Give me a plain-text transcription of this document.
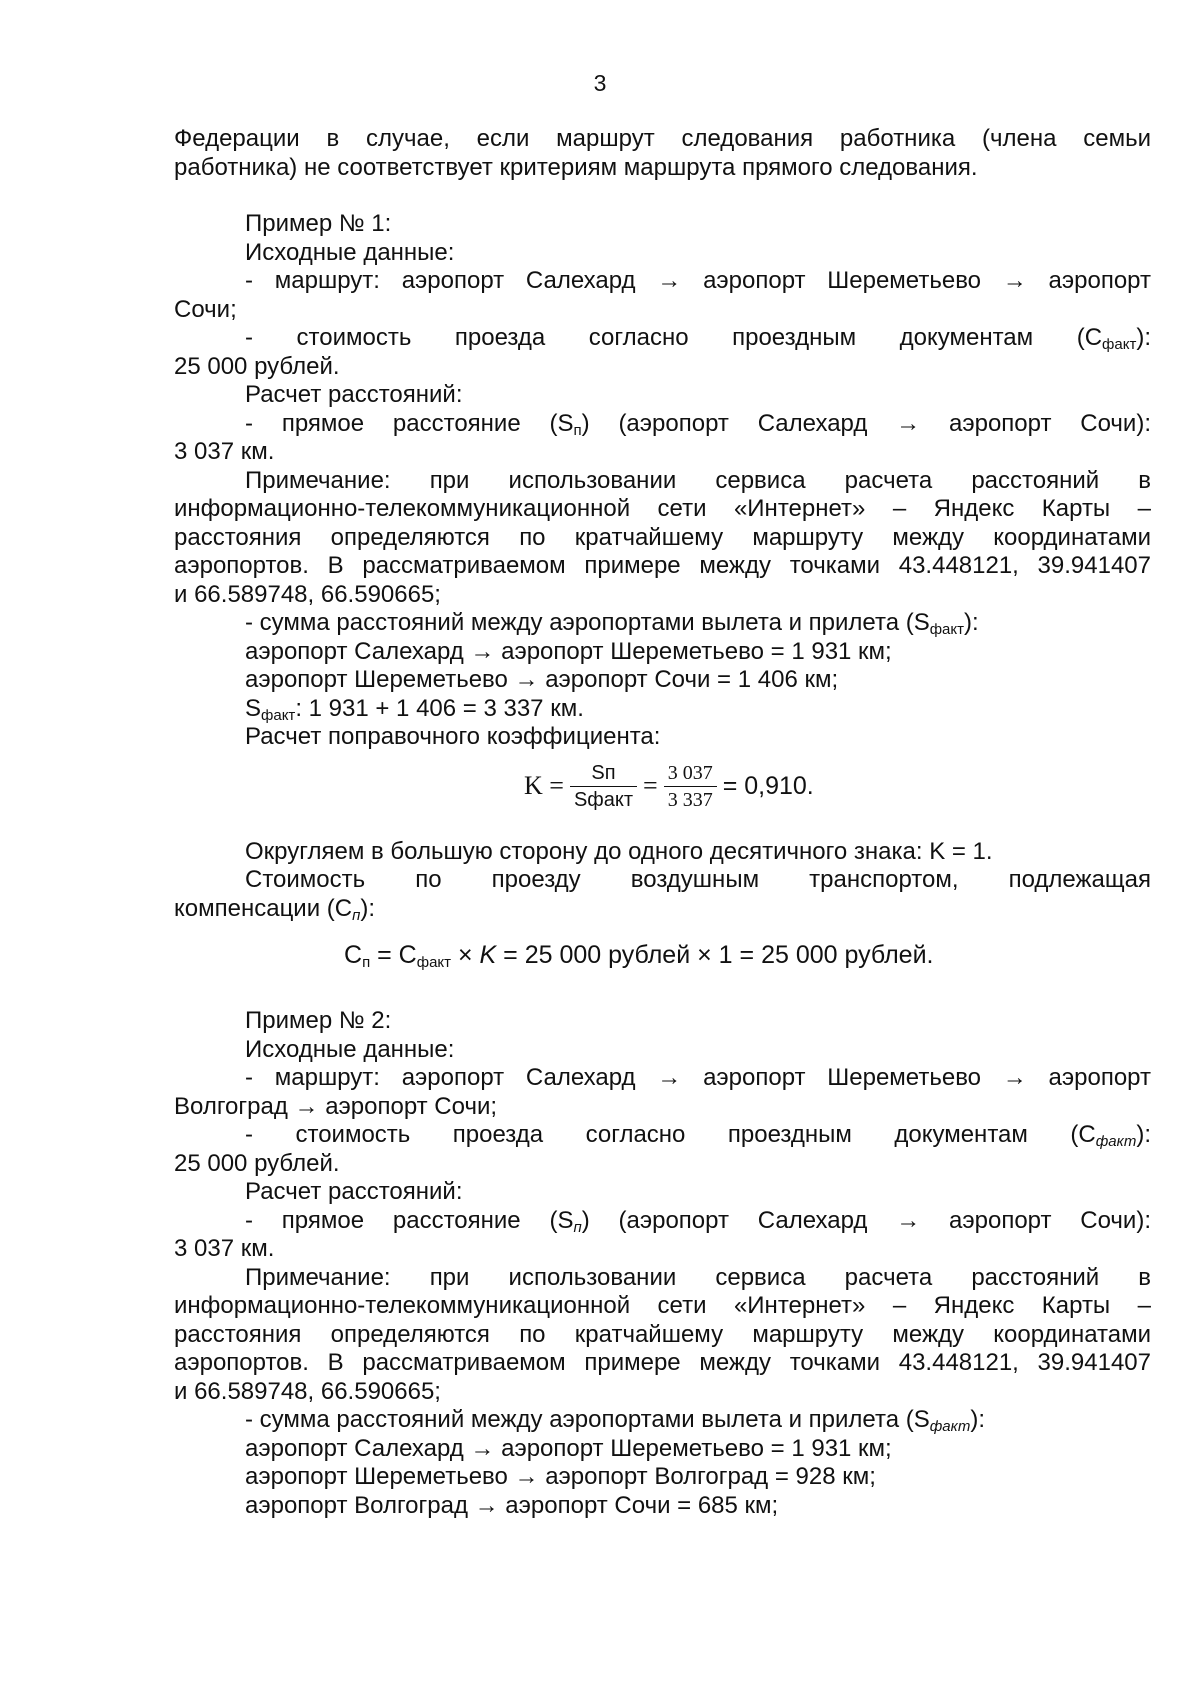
3

Федерации в случае, если маршрут следования работника (члена семьи

работника) не соответствует критериям маршрута прямого следования.

Пример № 1:

Исходные данные:

- маршрут: аэропорт Салехард → аэропорт Шереметьево → аэропорт

Сочи;

- стоимость проезда согласно проездным документам $(С_{факт})$:

25 000 рублей.

Расчет расстояний:

- прямое расстояние $(S_п)$ (аэропорт Салехард → аэропорт Сочи):

3 037 км.

Примечание: при использовании сервиса расчета расстояний в

информационно-телекоммуникационной сети «Интернет» – Яндекс Карты –

расстояния определяются по кратчайшему маршруту между координатами

аэропортов. В рассматриваемом примере между точками 43.448121, 39.941407

и 66.589748, 66.590665;

- сумма расстояний между аэропортами вылета и прилета $(S_{факт})$:

аэропорт Салехард → аэропорт Шереметьево = 1 931 км;

аэропорт Шереметьево → аэропорт Сочи = 1 406 км;

$S_{факт}$: 1 931 + 1 406 = 3 337 км.

Расчет поправочного коэффициента:

$K = \frac{Sп}{\text{Sфакт}} = \frac{3 037}{3 337} = 0,910$.

Округляем в большую сторону до одного десятичного знака: K = 1.

Стоимость по проезду воздушным транспортом, подлежащая

компенсации $(С_п)$:

$С_п = С_{факт} \times K = 25$ 000 рублей × 1 = 25 000 рублей.

Пример № 2:

Исходные данные:

- маршрут: аэропорт Салехард → аэропорт Шереметьево → аэропорт

Волгоград → аэропорт Сочи;

- стоимость проезда согласно проездным документам $(С_{факт})$:

25 000 рублей.

Расчет расстояний:

- прямое расстояние $(S_п)$ (аэропорт Салехард → аэропорт Сочи):

3 037 км.

Примечание: при использовании сервиса расчета расстояний в

информационно-телекоммуникационной сети «Интернет» – Яндекс Карты –

расстояния определяются по кратчайшему маршруту между координатами

аэропортов. В рассматриваемом примере между точками 43.448121, 39.941407

и 66.589748, 66.590665;

- сумма расстояний между аэропортами вылета и прилета $(S_{факт})$:

аэропорт Салехард → аэропорт Шереметьево = 1 931 км;

аэропорт Шереметьево → аэропорт Волгоград = 928 км;

аэропорт Волгоград → аэропорт Сочи = 685 км;
